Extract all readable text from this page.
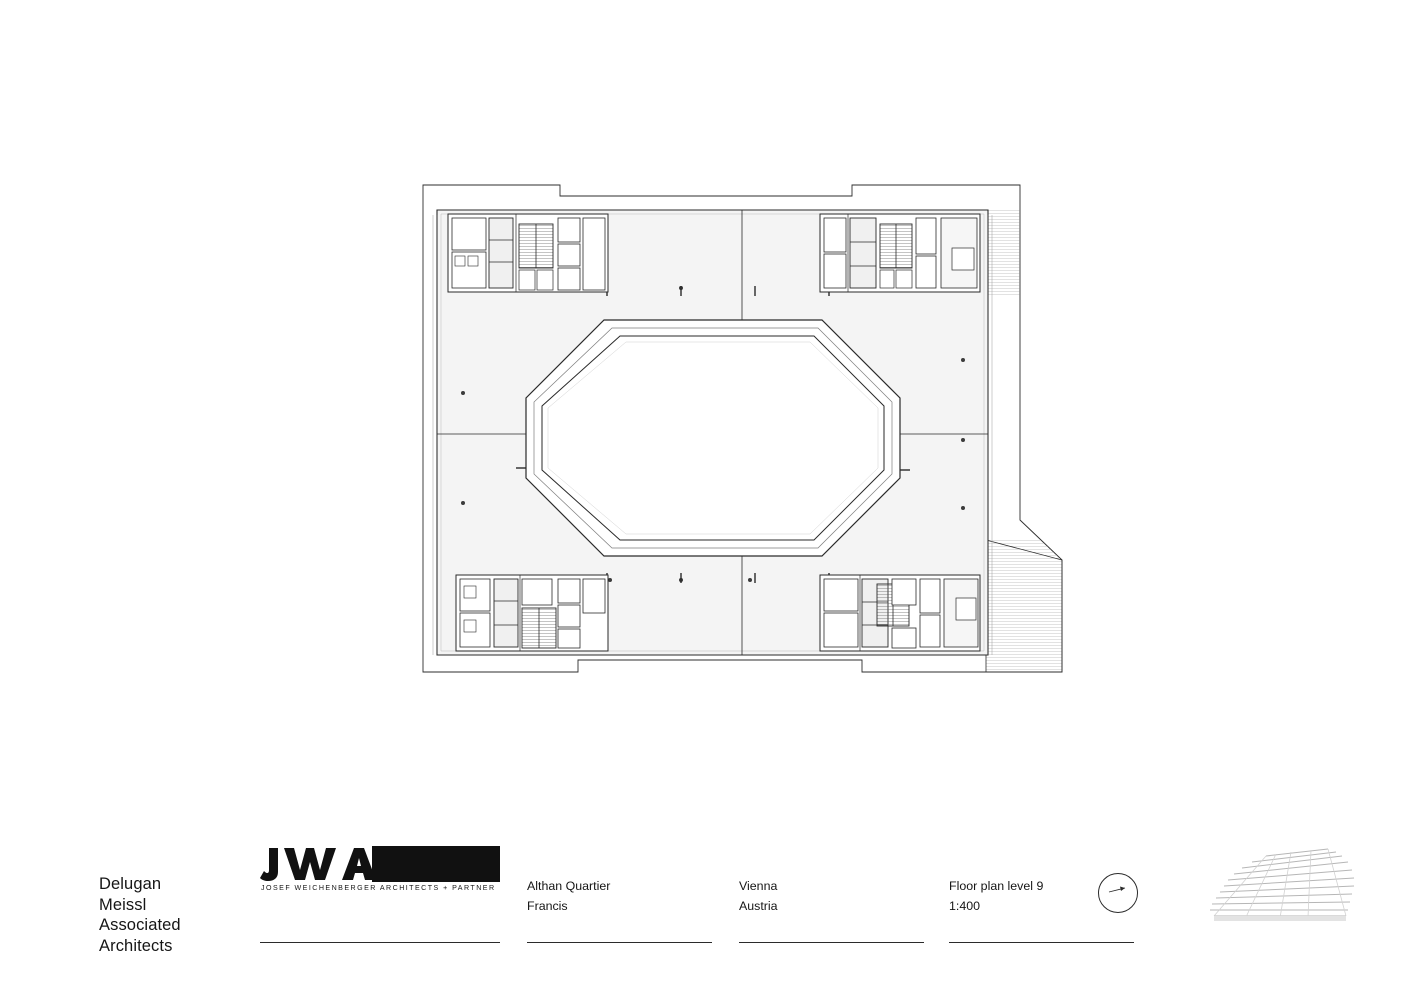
Delugan
Meissl
Associated
Architects
JOSEF WEICHENBERGER ARCHITECTS + PARTNER	Althan Quartier
Francis
Vienna
Austria
Floor plan level 9
1:400
